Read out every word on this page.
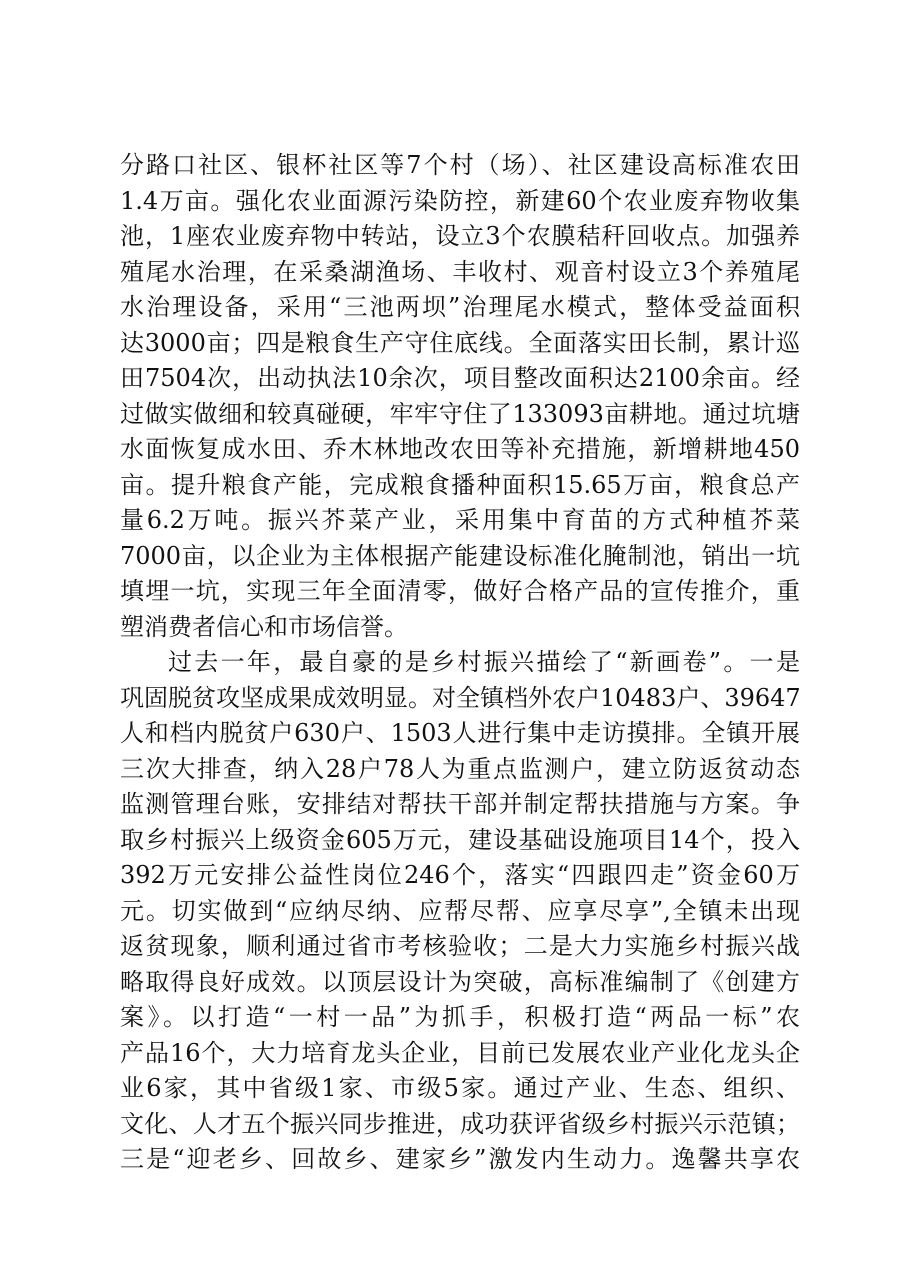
分路口社区、银杯社区等7个村（场）、社区建设高标准农田
1.4万亩。强化农业面源污染防控，新建60个农业废弃物收集
池，1座农业废弃物中转站，设立3个农膜秸秆回收点。加强养
殖尾水治理，在采桑湖渔场、丰收村、观音村设立3个养殖尾
水治理设备，采用“三池两坝”治理尾水模式，整体受益面积
达3000亩；四是粮食生产守住底线。全面落实田长制，累计巡
田7504次，出动执法10余次，项目整改面积达2100余亩。经
过做实做细和较真碰硬，牢牢守住了133093亩耕地。通过坑塘
水面恢复成水田、乔木林地改农田等补充措施，新增耕地450
亩。提升粮食产能，完成粮食播种面积15.65万亩，粮食总产
量6.2万吨。振兴芥菜产业，采用集中育苗的方式种植芥菜
7000亩，以企业为主体根据产能建设标准化腌制池，销出一坑
填埋一坑，实现三年全面清零，做好合格产品的宣传推介，重
塑消费者信心和市场信誉。
过去一年，最自豪的是乡村振兴描绘了“新画卷”。一是
巩固脱贫攻坚成果成效明显。对全镇档外农户10483户、39647
人和档内脱贫户630户、1503人进行集中走访摸排。全镇开展
三次大排查，纳入28户78人为重点监测户，建立防返贫动态
监测管理台账，安排结对帮扶干部并制定帮扶措施与方案。争
取乡村振兴上级资金605万元，建设基础设施项目14个，投入
392万元安排公益性岗位246个，落实“四跟四走”资金60万
元。切实做到“应纳尽纳、应帮尽帮、应享尽享”,全镇未出现
返贫现象，顺利通过省市考核验收；二是大力实施乡村振兴战
略取得良好成效。以顶层设计为突破，高标准编制了《创建方
案》。以打造“一村一品”为抓手，积极打造“两品一标”农
产品16个，大力培育龙头企业，目前已发展农业产业化龙头企
业6家，其中省级1家、市级5家。通过产业、生态、组织、
文化、人才五个振兴同步推进，成功获评省级乡村振兴示范镇；
三是“迎老乡、回故乡、建家乡”激发内生动力。逸馨共享农
